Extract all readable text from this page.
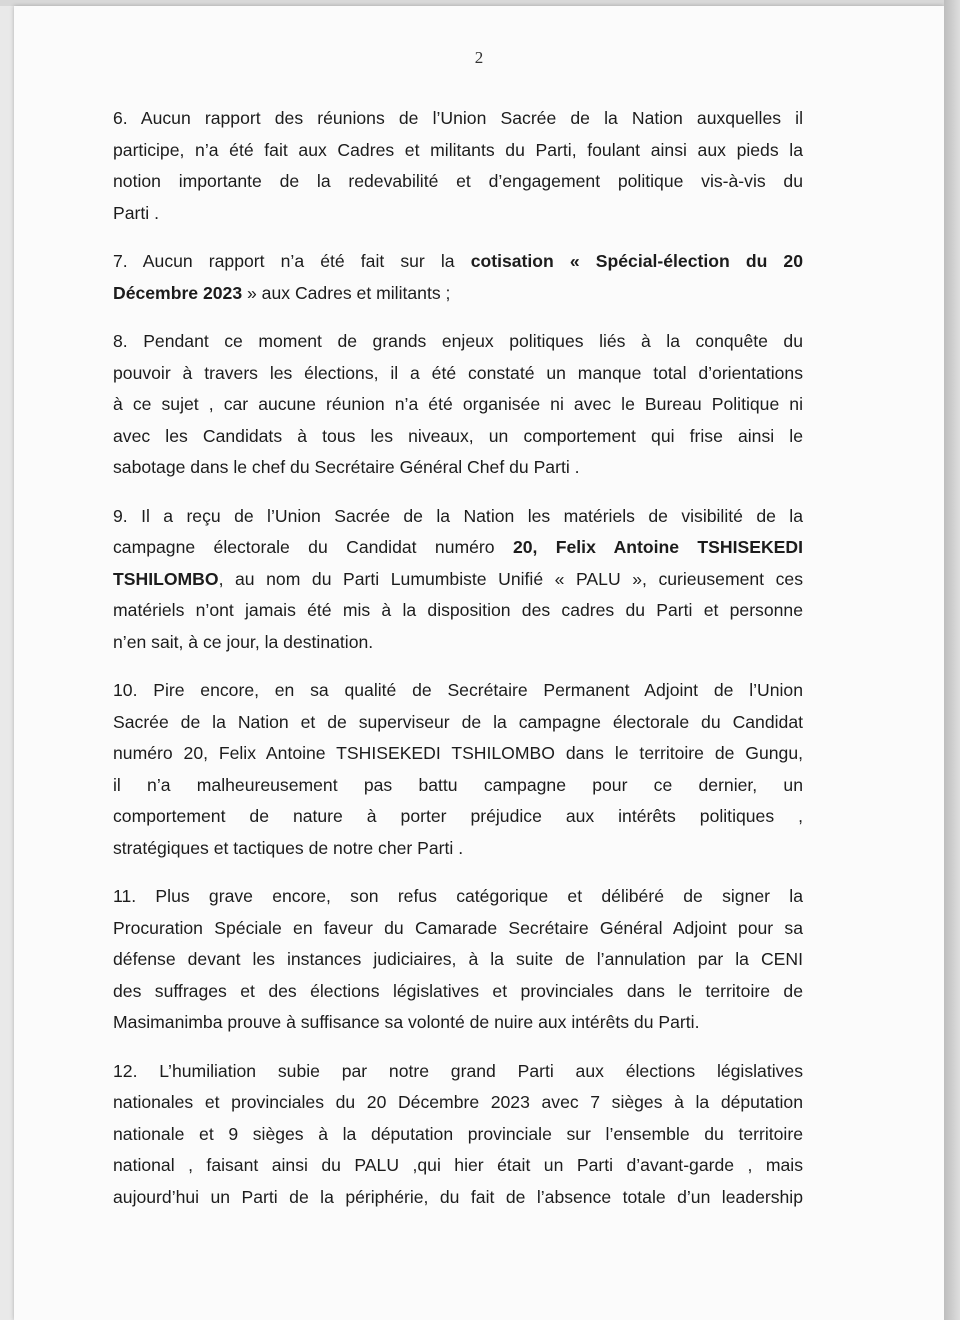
2

6. Aucun rapport des réunions de l’Union Sacrée de la Nation auxquelles il
participe, n’a été fait aux Cadres et militants du Parti, foulant ainsi aux pieds la
notion importante de la redevabilité et d’engagement politique vis-à-vis du
Parti .

7. Aucun rapport n’a été fait sur la cotisation « Spécial-élection du 20
Décembre 2023 » aux Cadres et militants ;

8. Pendant ce moment de grands enjeux politiques liés à la conquête du
pouvoir à travers les élections, il a été constaté un manque total d’orientations
à ce sujet , car aucune réunion n’a été organisée ni avec le Bureau Politique ni
avec les Candidats à tous les niveaux, un comportement qui frise ainsi le
sabotage dans le chef du Secrétaire Général Chef du Parti .

9. Il a reçu de l’Union Sacrée de la Nation les matériels de visibilité de la
campagne électorale du Candidat numéro 20, Felix Antoine TSHISEKEDI
TSHILOMBO, au nom du Parti Lumumbiste Unifié « PALU », curieusement ces
matériels n’ont jamais été mis à la disposition des cadres du Parti et personne
n’en sait, à ce jour, la destination.

10. Pire encore, en sa qualité de Secrétaire Permanent Adjoint de l’Union
Sacrée de la Nation et de superviseur de la campagne électorale du Candidat
numéro 20, Felix Antoine TSHISEKEDI TSHILOMBO dans le territoire de Gungu,
il n’a malheureusement pas battu campagne pour ce dernier, un
comportement de nature à porter préjudice aux intérêts politiques ,
stratégiques et tactiques de notre cher Parti .

11. Plus grave encore, son refus catégorique et délibéré de signer la
Procuration Spéciale en faveur du Camarade Secrétaire Général Adjoint pour sa
défense devant les instances judiciaires, à la suite de l’annulation par la CENI
des suffrages et des élections législatives et provinciales dans le territoire de
Masimanimba prouve à suffisance sa volonté de nuire aux intérêts du Parti.

12. L’humiliation subie par notre grand Parti aux élections législatives
nationales et provinciales du 20 Décembre 2023 avec 7 sièges à la députation
nationale et 9 sièges à la députation provinciale sur l’ensemble du territoire
national , faisant ainsi du PALU ,qui hier était un Parti d’avant-garde , mais
aujourd’hui un Parti de la périphérie, du fait de l’absence totale d’un leadership
